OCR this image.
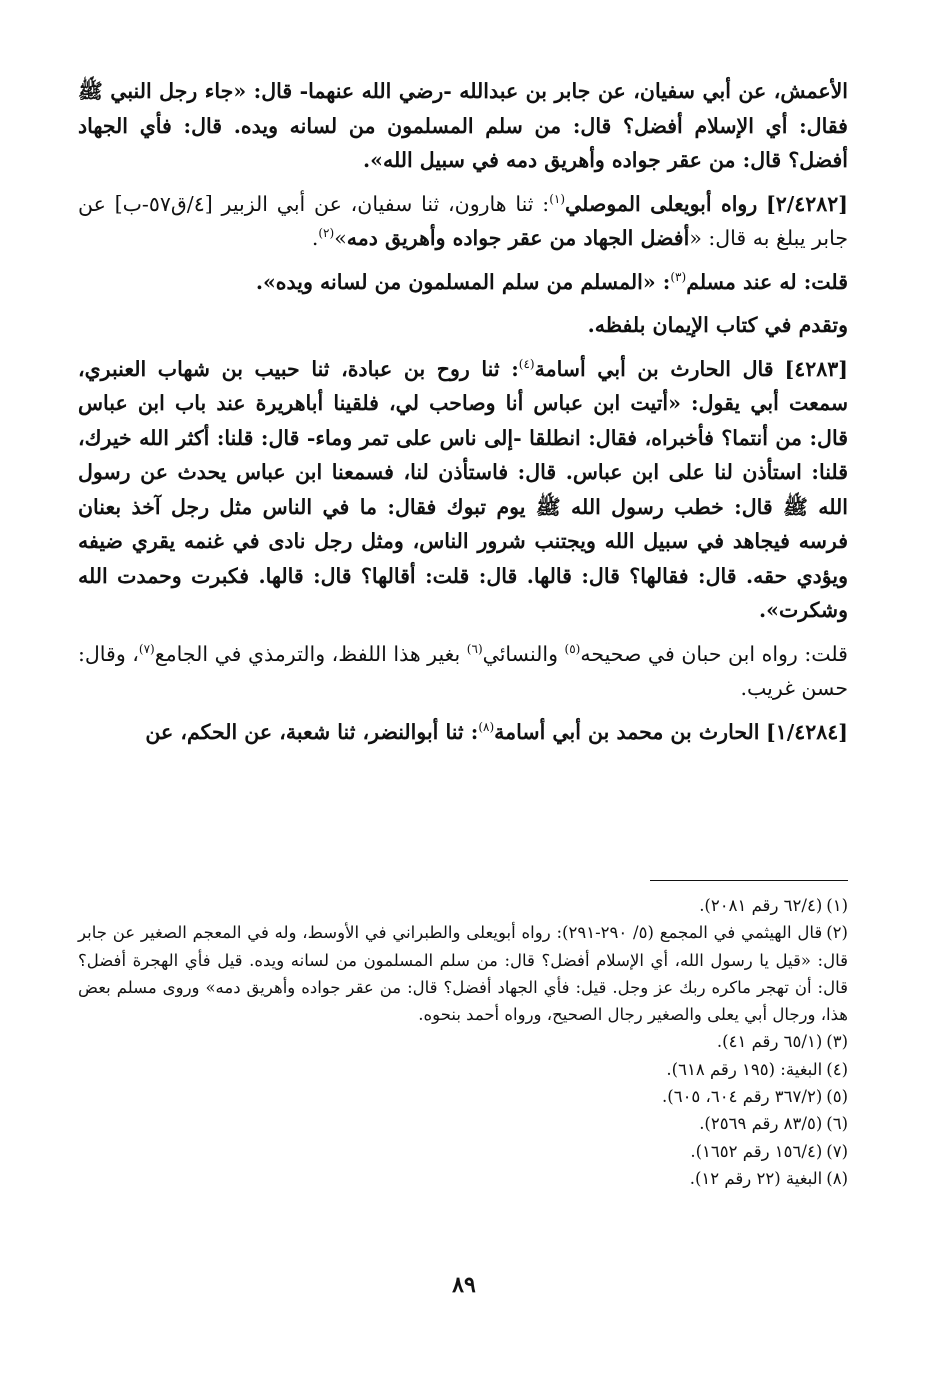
الأعمش، عن أبي سفيان، عن جابر بن عبدالله -رضي الله عنهما- قال: «جاء رجل النبي ﷺ فقال: أي الإسلام أفضل؟ قال: من سلم المسلمون من لسانه ويده. قال: فأي الجهاد أفضل؟ قال: من عقر جواده وأهريق دمه في سبيل الله».

[٢/٤٢٨٢] رواه أبويعلى الموصلي$^{(١)}$: ثنا هارون، ثنا سفيان، عن أبي الزبير [٤/ق٥٧-ب] عن جابر يبلغ به قال: «أفضل الجهاد من عقر جواده وأهريق دمه»$^{(٢)}$.

قلت: له عند مسلم$^{(٣)}$: «المسلم من سلم المسلمون من لسانه ويده».

وتقدم في كتاب الإيمان بلفظه.

[٤٢٨٣] قال الحارث بن أبي أسامة$^{(٤)}$: ثنا روح بن عبادة، ثنا حبيب بن شهاب العنبري، سمعت أبي يقول: «أتيت ابن عباس أنا وصاحب لي، فلقينا أباهريرة عند باب ابن عباس قال: من أنتما؟ فأخبراه، فقال: انطلقا -إلى ناس على تمر وماء- قال: قلنا: أكثر الله خيرك، قلنا: استأذن لنا على ابن عباس. قال: فاستأذن لنا، فسمعنا ابن عباس يحدث عن رسول الله ﷺ قال: خطب رسول الله ﷺ يوم تبوك فقال: ما في الناس مثل رجل آخذ بعنان فرسه فيجاهد في سبيل الله ويجتنب شرور الناس، ومثل رجل نادى في غنمه يقري ضيفه ويؤدي حقه. قال: فقالها؟ قال: قالها. قال: قلت: أقالها؟ قال: قالها. فكبرت وحمدت الله وشكرت».

قلت: رواه ابن حبان في صحيحه$^{(٥)}$ والنسائي$^{(٦)}$ بغير هذا اللفظ، والترمذي في الجامع$^{(٧)}$، وقال: حسن غريب.

[١/٤٢٨٤] الحارث بن محمد بن أبي أسامة$^{(٨)}$: ثنا أبوالنضر، ثنا شعبة، عن الحكم، عن

(١)(٦٢/٤ رقم ٢٠٨١).

(٢)قال الهيثمي في المجمع (٥/ ٢٩٠-٢٩١): رواه أبويعلى والطبراني في الأوسط، وله في المعجم الصغير عن جابر قال: «قيل يا رسول الله، أي الإسلام أفضل؟ قال: من سلم المسلمون من لسانه ويده. قيل فأي الهجرة أفضل؟ قال: أن تهجر ماكره ربك عز وجل. قيل: فأي الجهاد أفضل؟ قال: من عقر جواده وأهريق دمه» وروى مسلم بعض هذا، ورجال أبي يعلى والصغير رجال الصحيح، ورواه أحمد بنحوه.

(٣)(٦٥/١ رقم ٤١).

(٤)البغية: (١٩٥ رقم ٦١٨).

(٥)(٣٦٧/٢ رقم ٦٠٤، ٦٠٥).

(٦)(٨٣/٥ رقم ٢٥٦٩).

(٧)(١٥٦/٤ رقم ١٦٥٢).

(٨)البغية (٢٢ رقم ١٢).

٨٩
